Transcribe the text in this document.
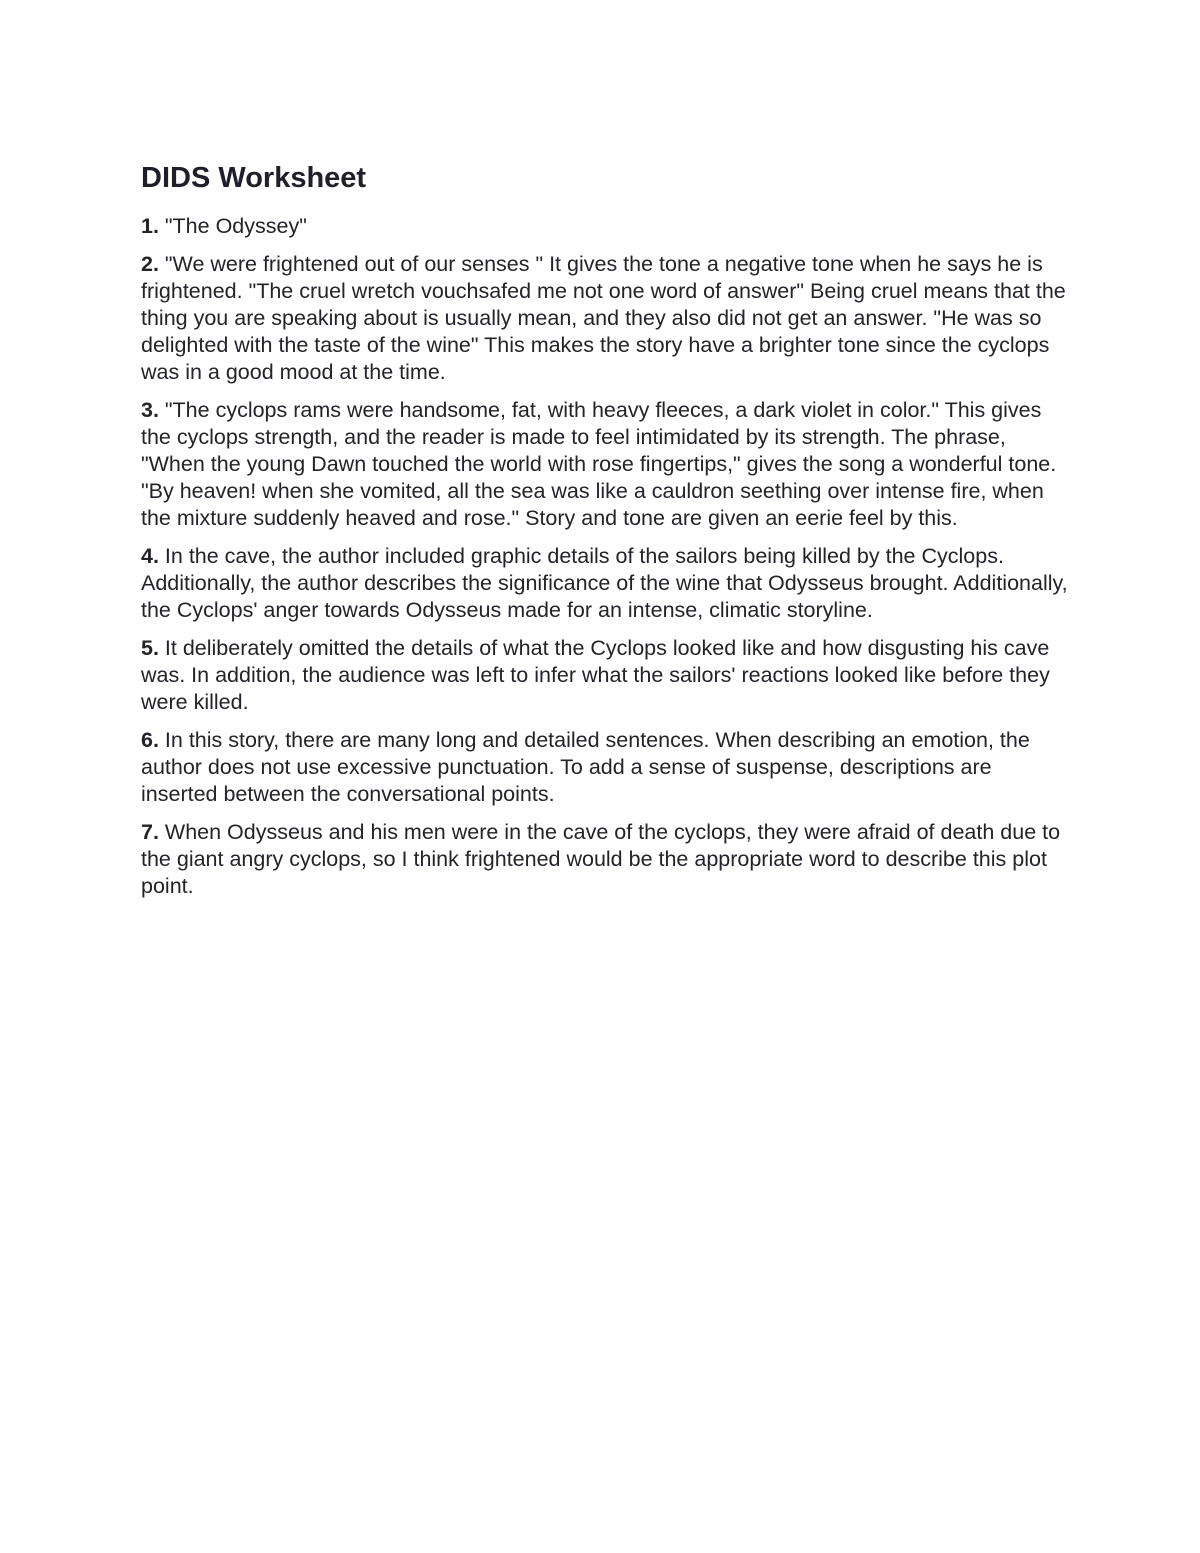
DIDS Worksheet

1. "The Odyssey"

2. "We were frightened out of our senses " It gives the tone a negative tone when he says he is frightened. "The cruel wretch vouchsafed me not one word of answer" Being cruel means that the thing you are speaking about is usually mean, and they also did not get an answer. "He was so delighted with the taste of the wine" This makes the story have a brighter tone since the cyclops was in a good mood at the time.

3. "The cyclops rams were handsome, fat, with heavy fleeces, a dark violet in color." This gives the cyclops strength, and the reader is made to feel intimidated by its strength. The phrase, "When the young Dawn touched the world with rose fingertips," gives the song a wonderful tone. "By heaven! when she vomited, all the sea was like a cauldron seething over intense fire, when the mixture suddenly heaved and rose." Story and tone are given an eerie feel by this.

4. In the cave, the author included graphic details of the sailors being killed by the Cyclops. Additionally, the author describes the significance of the wine that Odysseus brought. Additionally, the Cyclops' anger towards Odysseus made for an intense, climatic storyline.

5. It deliberately omitted the details of what the Cyclops looked like and how disgusting his cave was. In addition, the audience was left to infer what the sailors' reactions looked like before they were killed.

6. In this story, there are many long and detailed sentences. When describing an emotion, the author does not use excessive punctuation. To add a sense of suspense, descriptions are inserted between the conversational points.

7. When Odysseus and his men were in the cave of the cyclops, they were afraid of death due to the giant angry cyclops, so I think frightened would be the appropriate word to describe this plot point.
